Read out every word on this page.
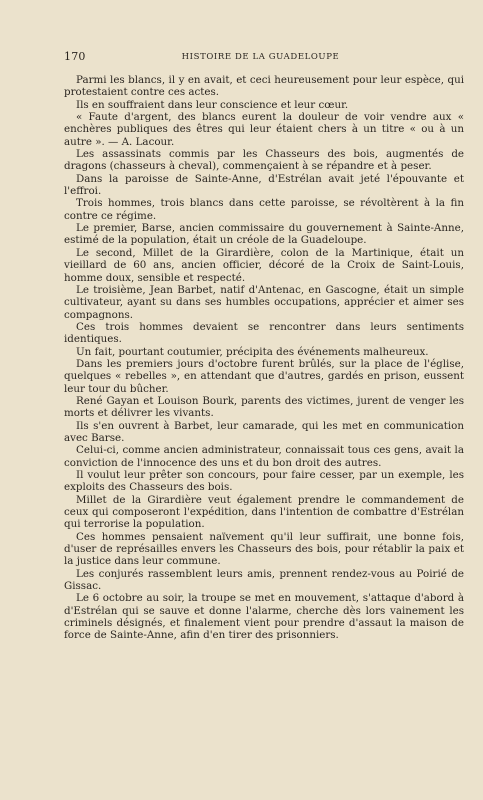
170	HISTOIRE DE LA GUADELOUPE

Parmi les blancs, il y en avait, et ceci heureusement pour leur espèce, qui protestaient contre ces actes.

Ils en souffraient dans leur conscience et leur cœur.

« Faute d'argent, des blancs eurent la douleur de voir vendre aux « enchères publiques des êtres qui leur étaient chers à un titre « ou à un autre ». — A. Lacour.

Les assassinats commis par les Chasseurs des bois, augmentés de dragons (chasseurs à cheval), commençaient à se répandre et à peser.

Dans la paroisse de Sainte-Anne, d'Estrélan avait jeté l'épouvante et l'effroi.

Trois hommes, trois blancs dans cette paroisse, se révoltèrent à la fin contre ce régime.

Le premier, Barse, ancien commissaire du gouvernement à Sainte-Anne, estimé de la population, était un créole de la Guadeloupe.

Le second, Millet de la Girardière, colon de la Martinique, était un vieillard de 60 ans, ancien officier, décoré de la Croix de Saint-Louis, homme doux, sensible et respecté.

Le troisième, Jean Barbet, natif d'Antenac, en Gascogne, était un simple cultivateur, ayant su dans ses humbles occupations, apprécier et aimer ses compagnons.

Ces trois hommes devaient se rencontrer dans leurs sentiments identiques.

Un fait, pourtant coutumier, précipita des événements malheureux.

Dans les premiers jours d'octobre furent brûlés, sur la place de l'église, quelques « rebelles », en attendant que d'autres, gardés en prison, eussent leur tour du bûcher.

René Gayan et Louison Bourk, parents des victimes, jurent de venger les morts et délivrer les vivants.

Ils s'en ouvrent à Barbet, leur camarade, qui les met en communication avec Barse.

Celui-ci, comme ancien administrateur, connaissait tous ces gens, avait la conviction de l'innocence des uns et du bon droit des autres.

Il voulut leur prêter son concours, pour faire cesser, par un exemple, les exploits des Chasseurs des bois.

Millet de la Girardière veut également prendre le commandement de ceux qui composeront l'expédition, dans l'intention de combattre d'Estrélan qui terrorise la population.

Ces hommes pensaient naïvement qu'il leur suffirait, une bonne fois, d'user de représailles envers les Chasseurs des bois, pour rétablir la paix et la justice dans leur commune.

Les conjurés rassemblent leurs amis, prennent rendez-vous au Poirié de Gissac.

Le 6 octobre au soir, la troupe se met en mouvement, s'attaque d'abord à d'Estrélan qui se sauve et donne l'alarme, cherche dès lors vainement les criminels désignés, et finalement vient pour prendre d'assaut la maison de force de Sainte-Anne, afin d'en tirer des prisonniers.
